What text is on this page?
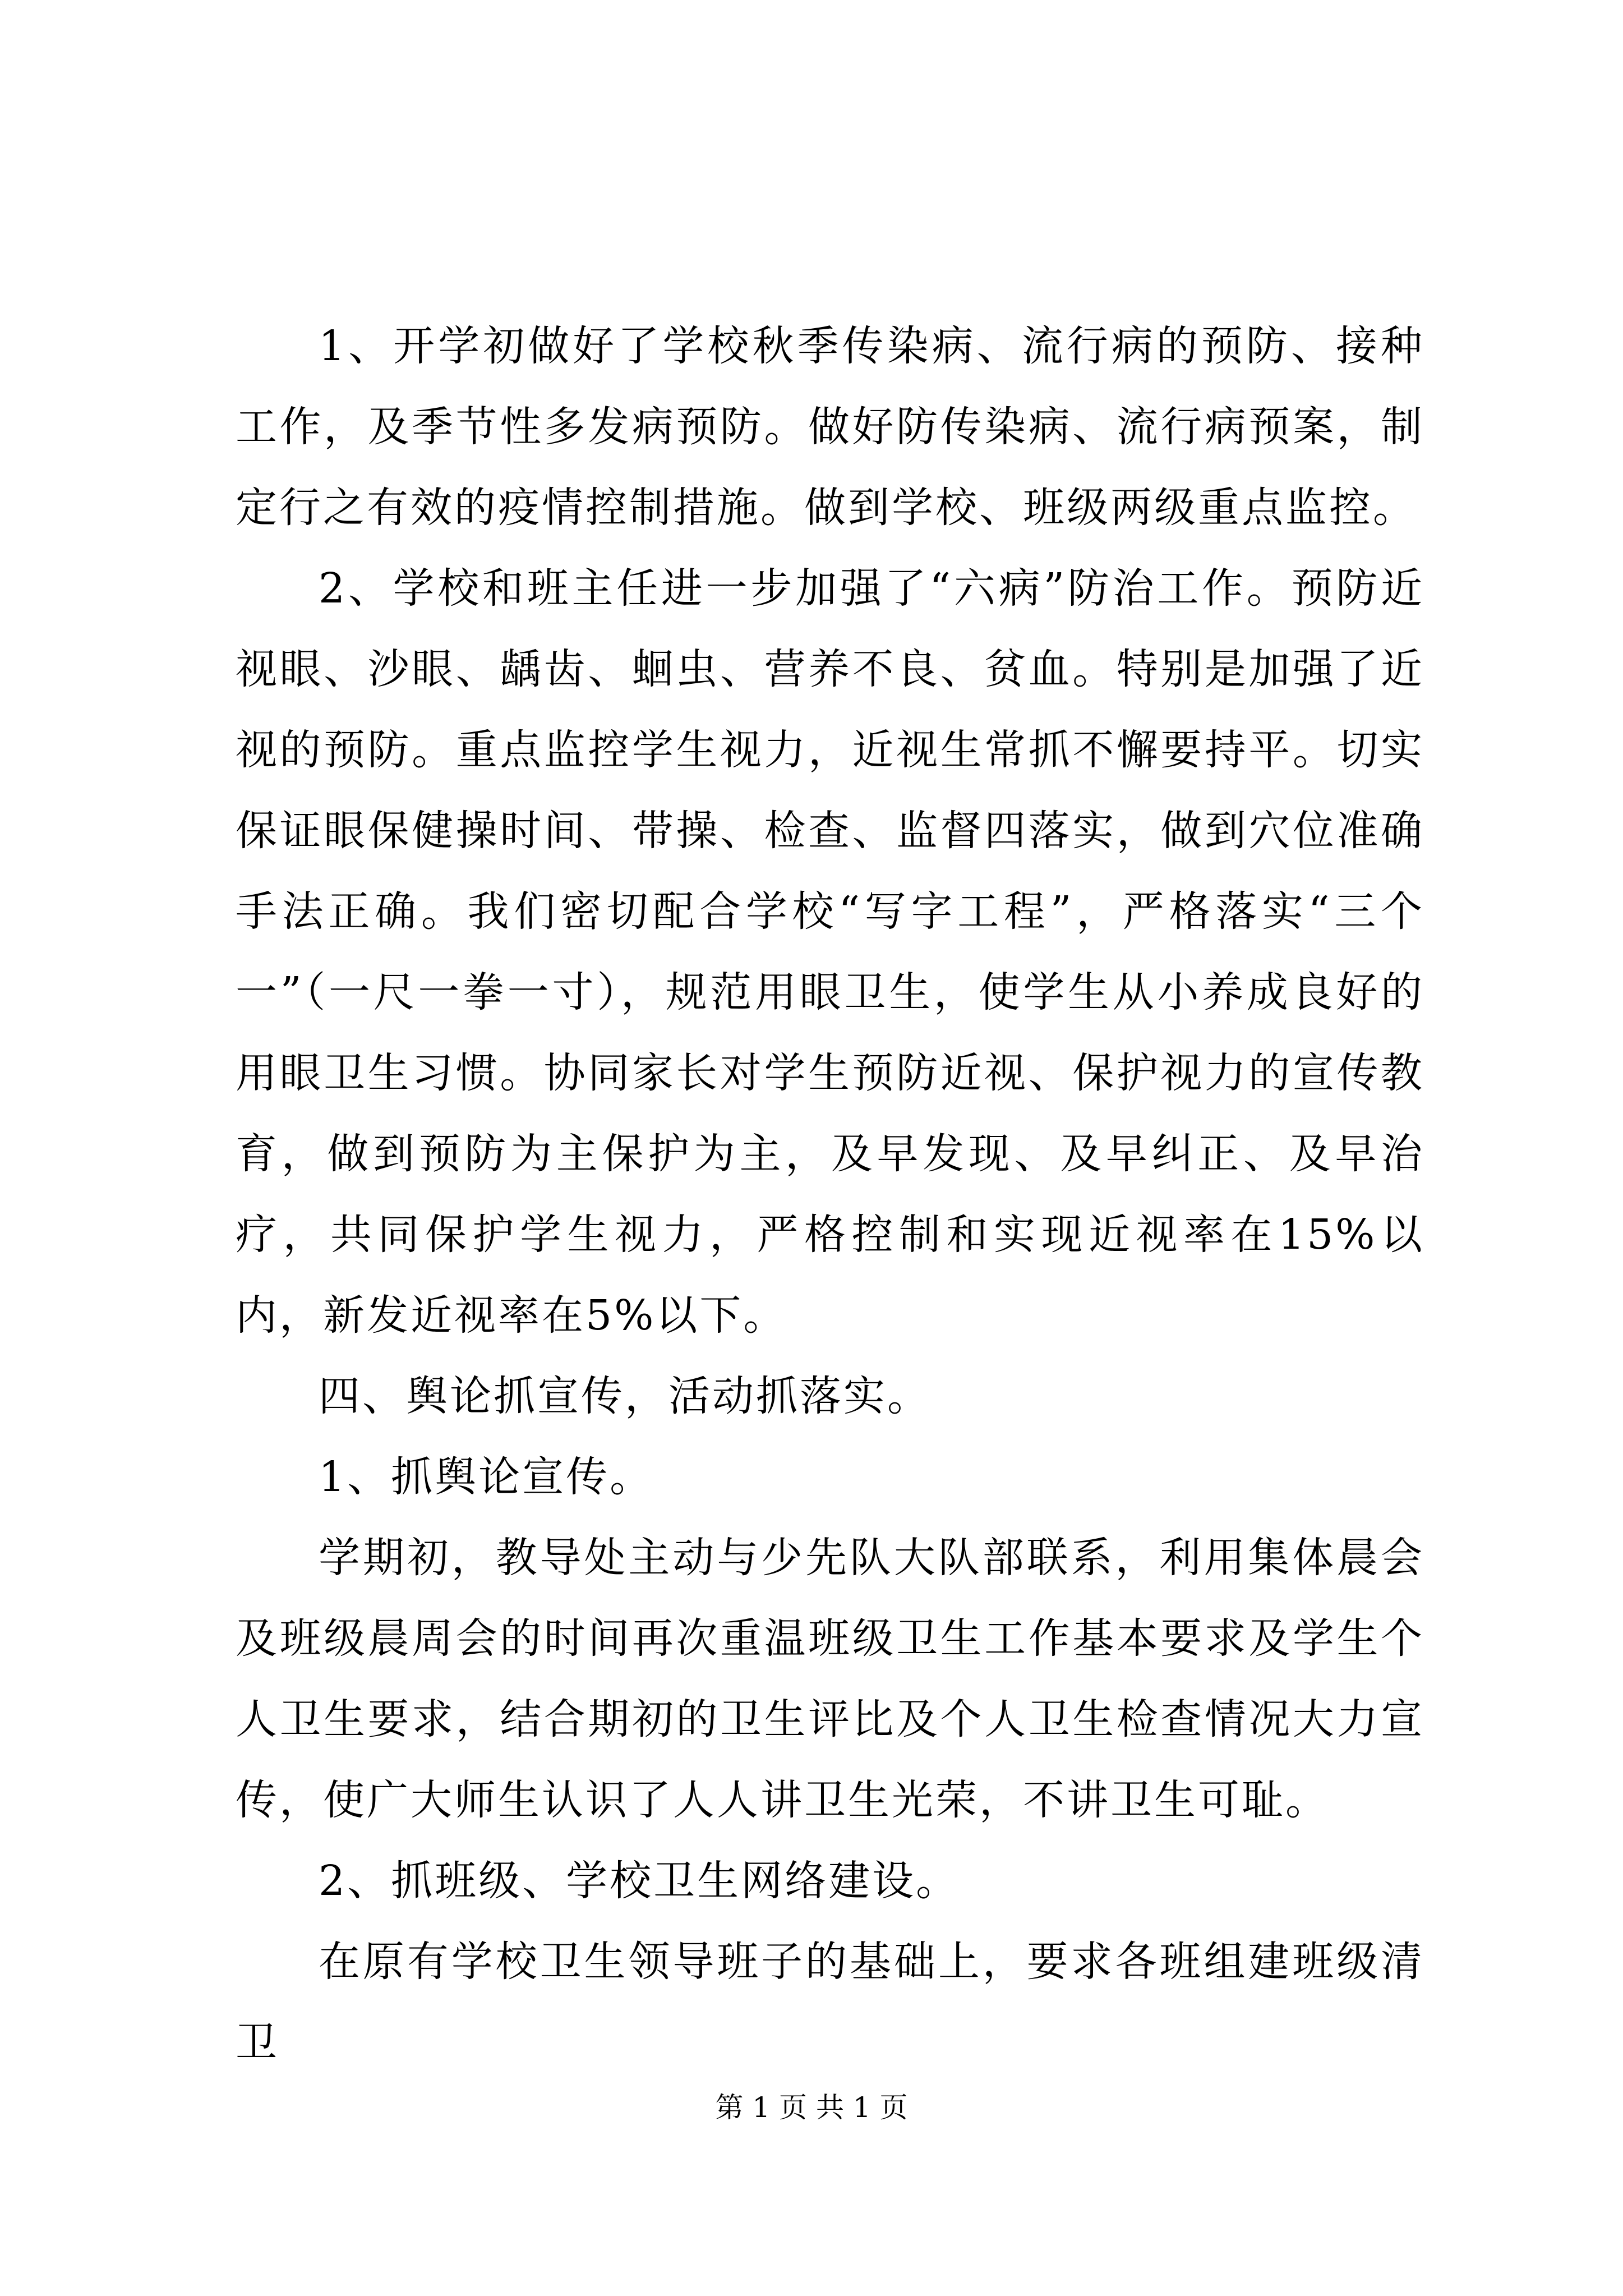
1、开学初做好了学校秋季传染病、流行病的预防、接种工作，及季节性多发病预防。做好防传染病、流行病预案，制定行之有效的疫情控制措施。做到学校、班级两级重点监控。

2、学校和班主任进一步加强了“六病”防治工作。预防近视眼、沙眼、龋齿、蛔虫、营养不良、贫血。特别是加强了近视的预防。重点监控学生视力，近视生常抓不懈要持平。切实保证眼保健操时间、带操、检查、监督四落实，做到穴位准确手法正确。我们密切配合学校“写字工程”，严格落实“三个一”（一尺一拳一寸），规范用眼卫生，使学生从小养成良好的用眼卫生习惯。协同家长对学生预防近视、保护视力的宣传教育，做到预防为主保护为主，及早发现、及早纠正、及早治疗，共同保护学生视力，严格控制和实现近视率在15%以内，新发近视率在5%以下。

四、舆论抓宣传，活动抓落实。

1、抓舆论宣传。

学期初，教导处主动与少先队大队部联系，利用集体晨会及班级晨周会的时间再次重温班级卫生工作基本要求及学生个人卫生要求，结合期初的卫生评比及个人卫生检查情况大力宣传，使广大师生认识了人人讲卫生光荣，不讲卫生可耻。

2、抓班级、学校卫生网络建设。

在原有学校卫生领导班子的基础上，要求各班组建班级清卫

第 1 页 共 1 页
